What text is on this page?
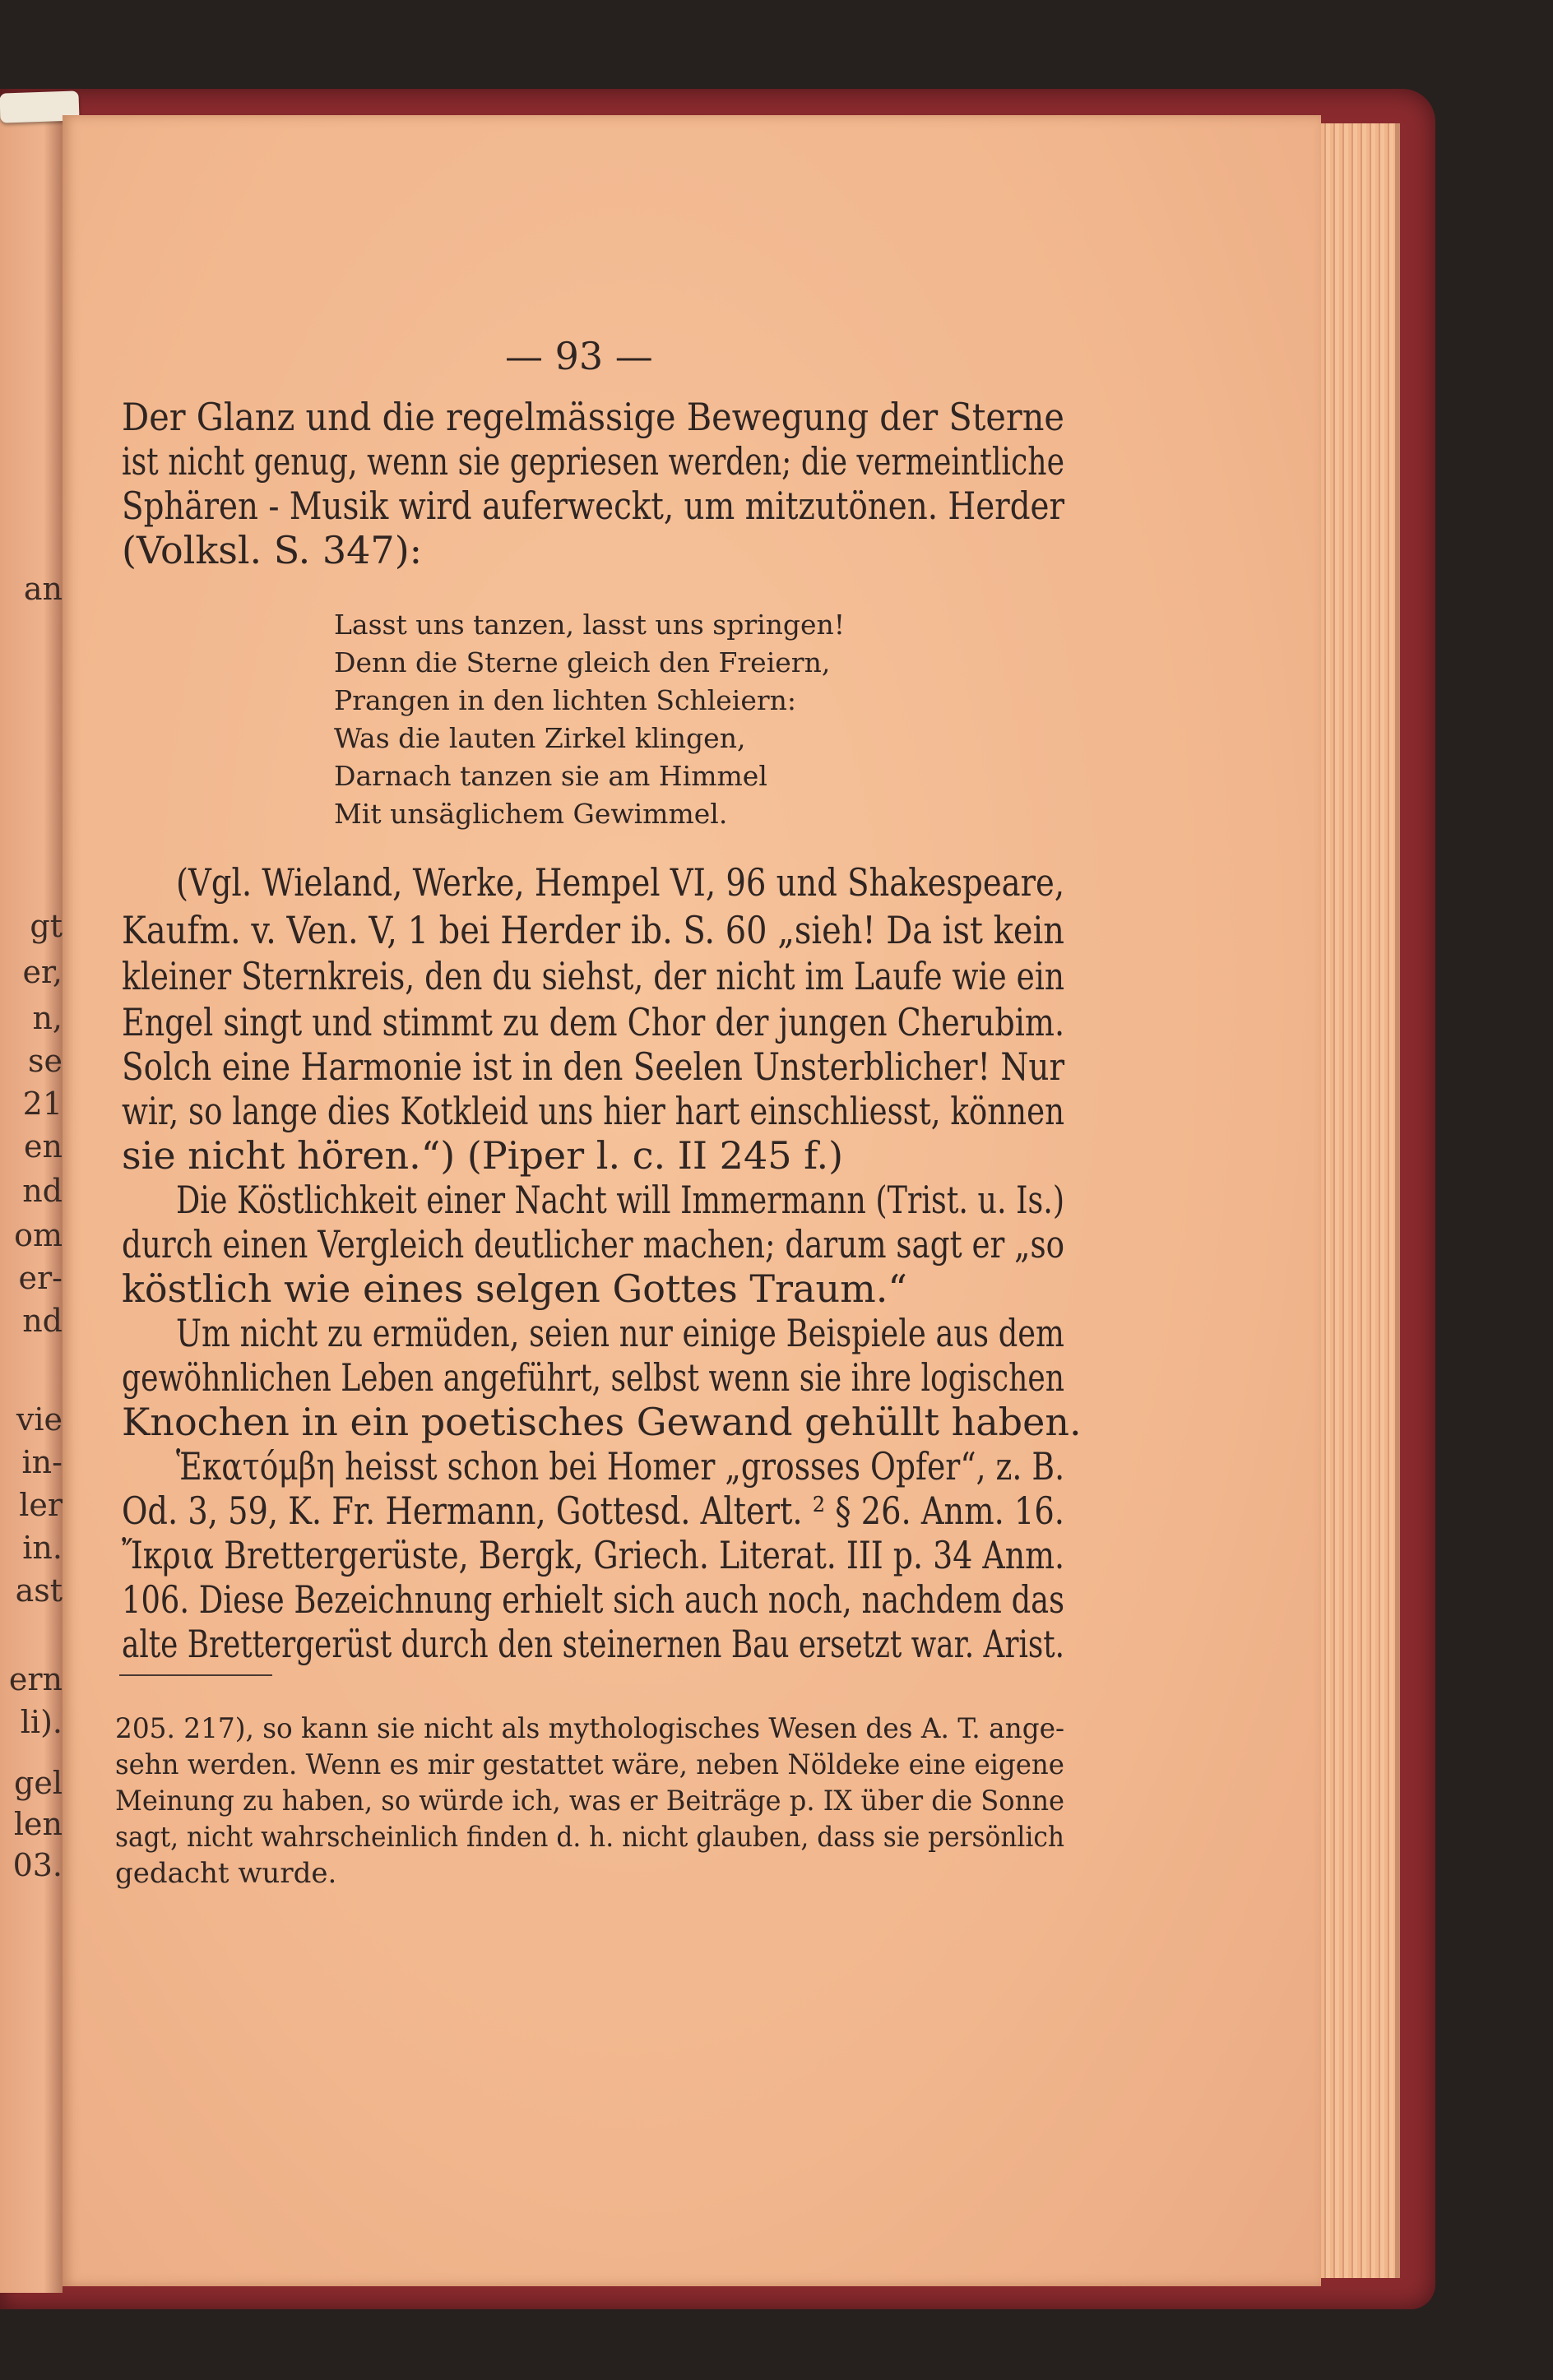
an
gt
er,
n,
se
21
en
nd
om
er-
nd
vie
in-
ler
in.
ast
ern
li).
gel
len
03.
— 93 —
Der Glanz und die regelmässige Bewegung der Sterne
ist nicht genug, wenn sie gepriesen werden; die vermeintliche
Sphären - Musik wird auferweckt, um mitzutönen. Herder
(Volksl. S. 347):
Lasst uns tanzen, lasst uns springen!
Denn die Sterne gleich den Freiern,
Prangen in den lichten Schleiern:
Was die lauten Zirkel klingen,
Darnach tanzen sie am Himmel
Mit unsäglichem Gewimmel.
(Vgl. Wieland, Werke, Hempel VI, 96 und Shakespeare,
Kaufm. v. Ven. V, 1 bei Herder ib. S. 60 „sieh! Da ist kein
kleiner Sternkreis, den du siehst, der nicht im Laufe wie ein
Engel singt und stimmt zu dem Chor der jungen Cherubim.
Solch eine Harmonie ist in den Seelen Unsterblicher! Nur
wir, so lange dies Kotkleid uns hier hart einschliesst, können
sie nicht hören.“) (Piper l. c. II 245 f.)
Die Köstlichkeit einer Nacht will Immermann (Trist. u. Is.)
durch einen Vergleich deutlicher machen; darum sagt er „so
köstlich wie eines selgen Gottes Traum.“
Um nicht zu ermüden, seien nur einige Beispiele aus dem
gewöhnlichen Leben angeführt, selbst wenn sie ihre logischen
Knochen in ein poetisches Gewand gehüllt haben.
Ἑκατόμβη heisst schon bei Homer „grosses Opfer“, z. B.
Od. 3, 59, K. Fr. Hermann, Gottesd. Altert. ² § 26. Anm. 16.
Ἴκρια Brettergerüste, Bergk, Griech. Literat. III p. 34 Anm.
106. Diese Bezeichnung erhielt sich auch noch, nachdem das
alte Brettergerüst durch den steinernen Bau ersetzt war. Arist.
205. 217), so kann sie nicht als mythologisches Wesen des A. T. ange-
sehn werden. Wenn es mir gestattet wäre, neben Nöldeke eine eigene
Meinung zu haben, so würde ich, was er Beiträge p. IX über die Sonne
sagt, nicht wahrscheinlich finden d. h. nicht glauben, dass sie persönlich
gedacht wurde.
